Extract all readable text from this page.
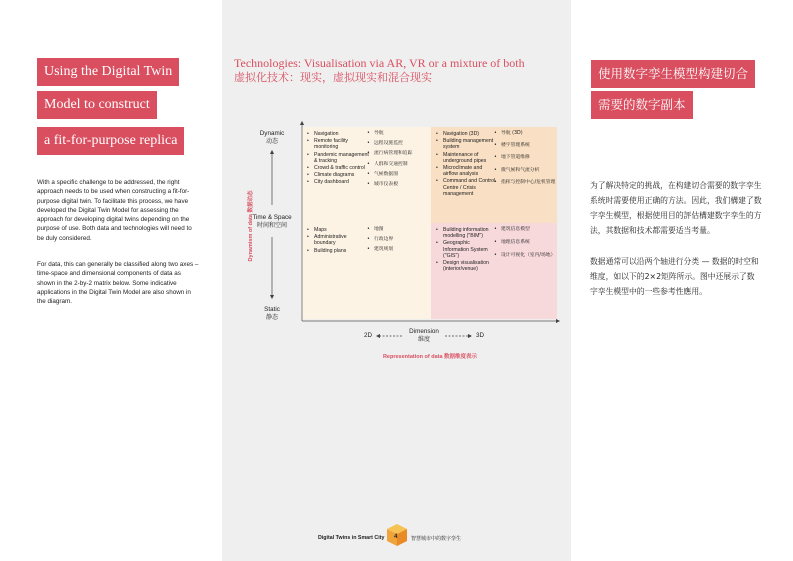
Using the Digital Twin
Model to construct
a fit-for-purpose replica
With a specific challenge to be addressed, the right approach needs to be used when constructing a fit-for-purpose digital twin. To facilitate this process, we have developed the Digital Twin Model for assessing the approach for developing digital twins depending on the purpose of use. Both data and technologies will need to be duly considered.
For data, this can generally be classified along two axes – time-space and dimensional components of data as shown in the 2-by-2 matrix below. Some indicative applications in the Digital Twin Model are also shown in the diagram.
Technologies: Visualisation via AR, VR or a mixture of both
虚拟化技术：现实，虚拟现实和混合现实
Dynamic
动态
Time & Space
时间和空间
Static
静态
Dynamism of data 数据动态
2D
Dimension
维度
3D
Representation of data 数据维度表示
• Navigation
• Remote facility monitoring
• Pandemic management & tracking
• Crowd & traffic control
• Climate diagrams
• City dashboard
• 导航
• 远程设施监控
• 流行病管理和追踪
• 人群和交通控制
• 气候数据图
• 城市仪表板
• Navigation (3D)
• Building management system
• Maintenance of underground pipes
• Microclimate and airflow analysis
• Command and Control Centre / Crisis management
• 导航 (3D)
• 楼宇管理系统
• 地下管道维修
• 微气候和气流分析
• 指挥与控制中心/危机管理
• Maps
• Administrative boundary
• Building plans
• 地图
• 行政边界
• 建筑规划
• Building information modelling ("BIM")
• Geographic Information System ("GIS")
• Design visualisation (interior/venue)
• 建筑信息模型
• 地理信息系统
• 设计可视化（室内/场地）
使用数字孪生模型构建切合
需要的数字副本
为了解决特定的挑战，在构建切合需要的数字孪生系统时需要使用正确的方法。因此，我们構建了数字孪生模型，根据使用目的評估構建数字孪生的方法，其数据和技术都需要适当考量。
数据通常可以沿两个轴进行分类 — 数据的时空和维度，如以下的2×2矩阵所示。图中还展示了数字孪生模型中的一些参考性應用。
Digital Twins in Smart City 4	智慧城市中的数字孪生
